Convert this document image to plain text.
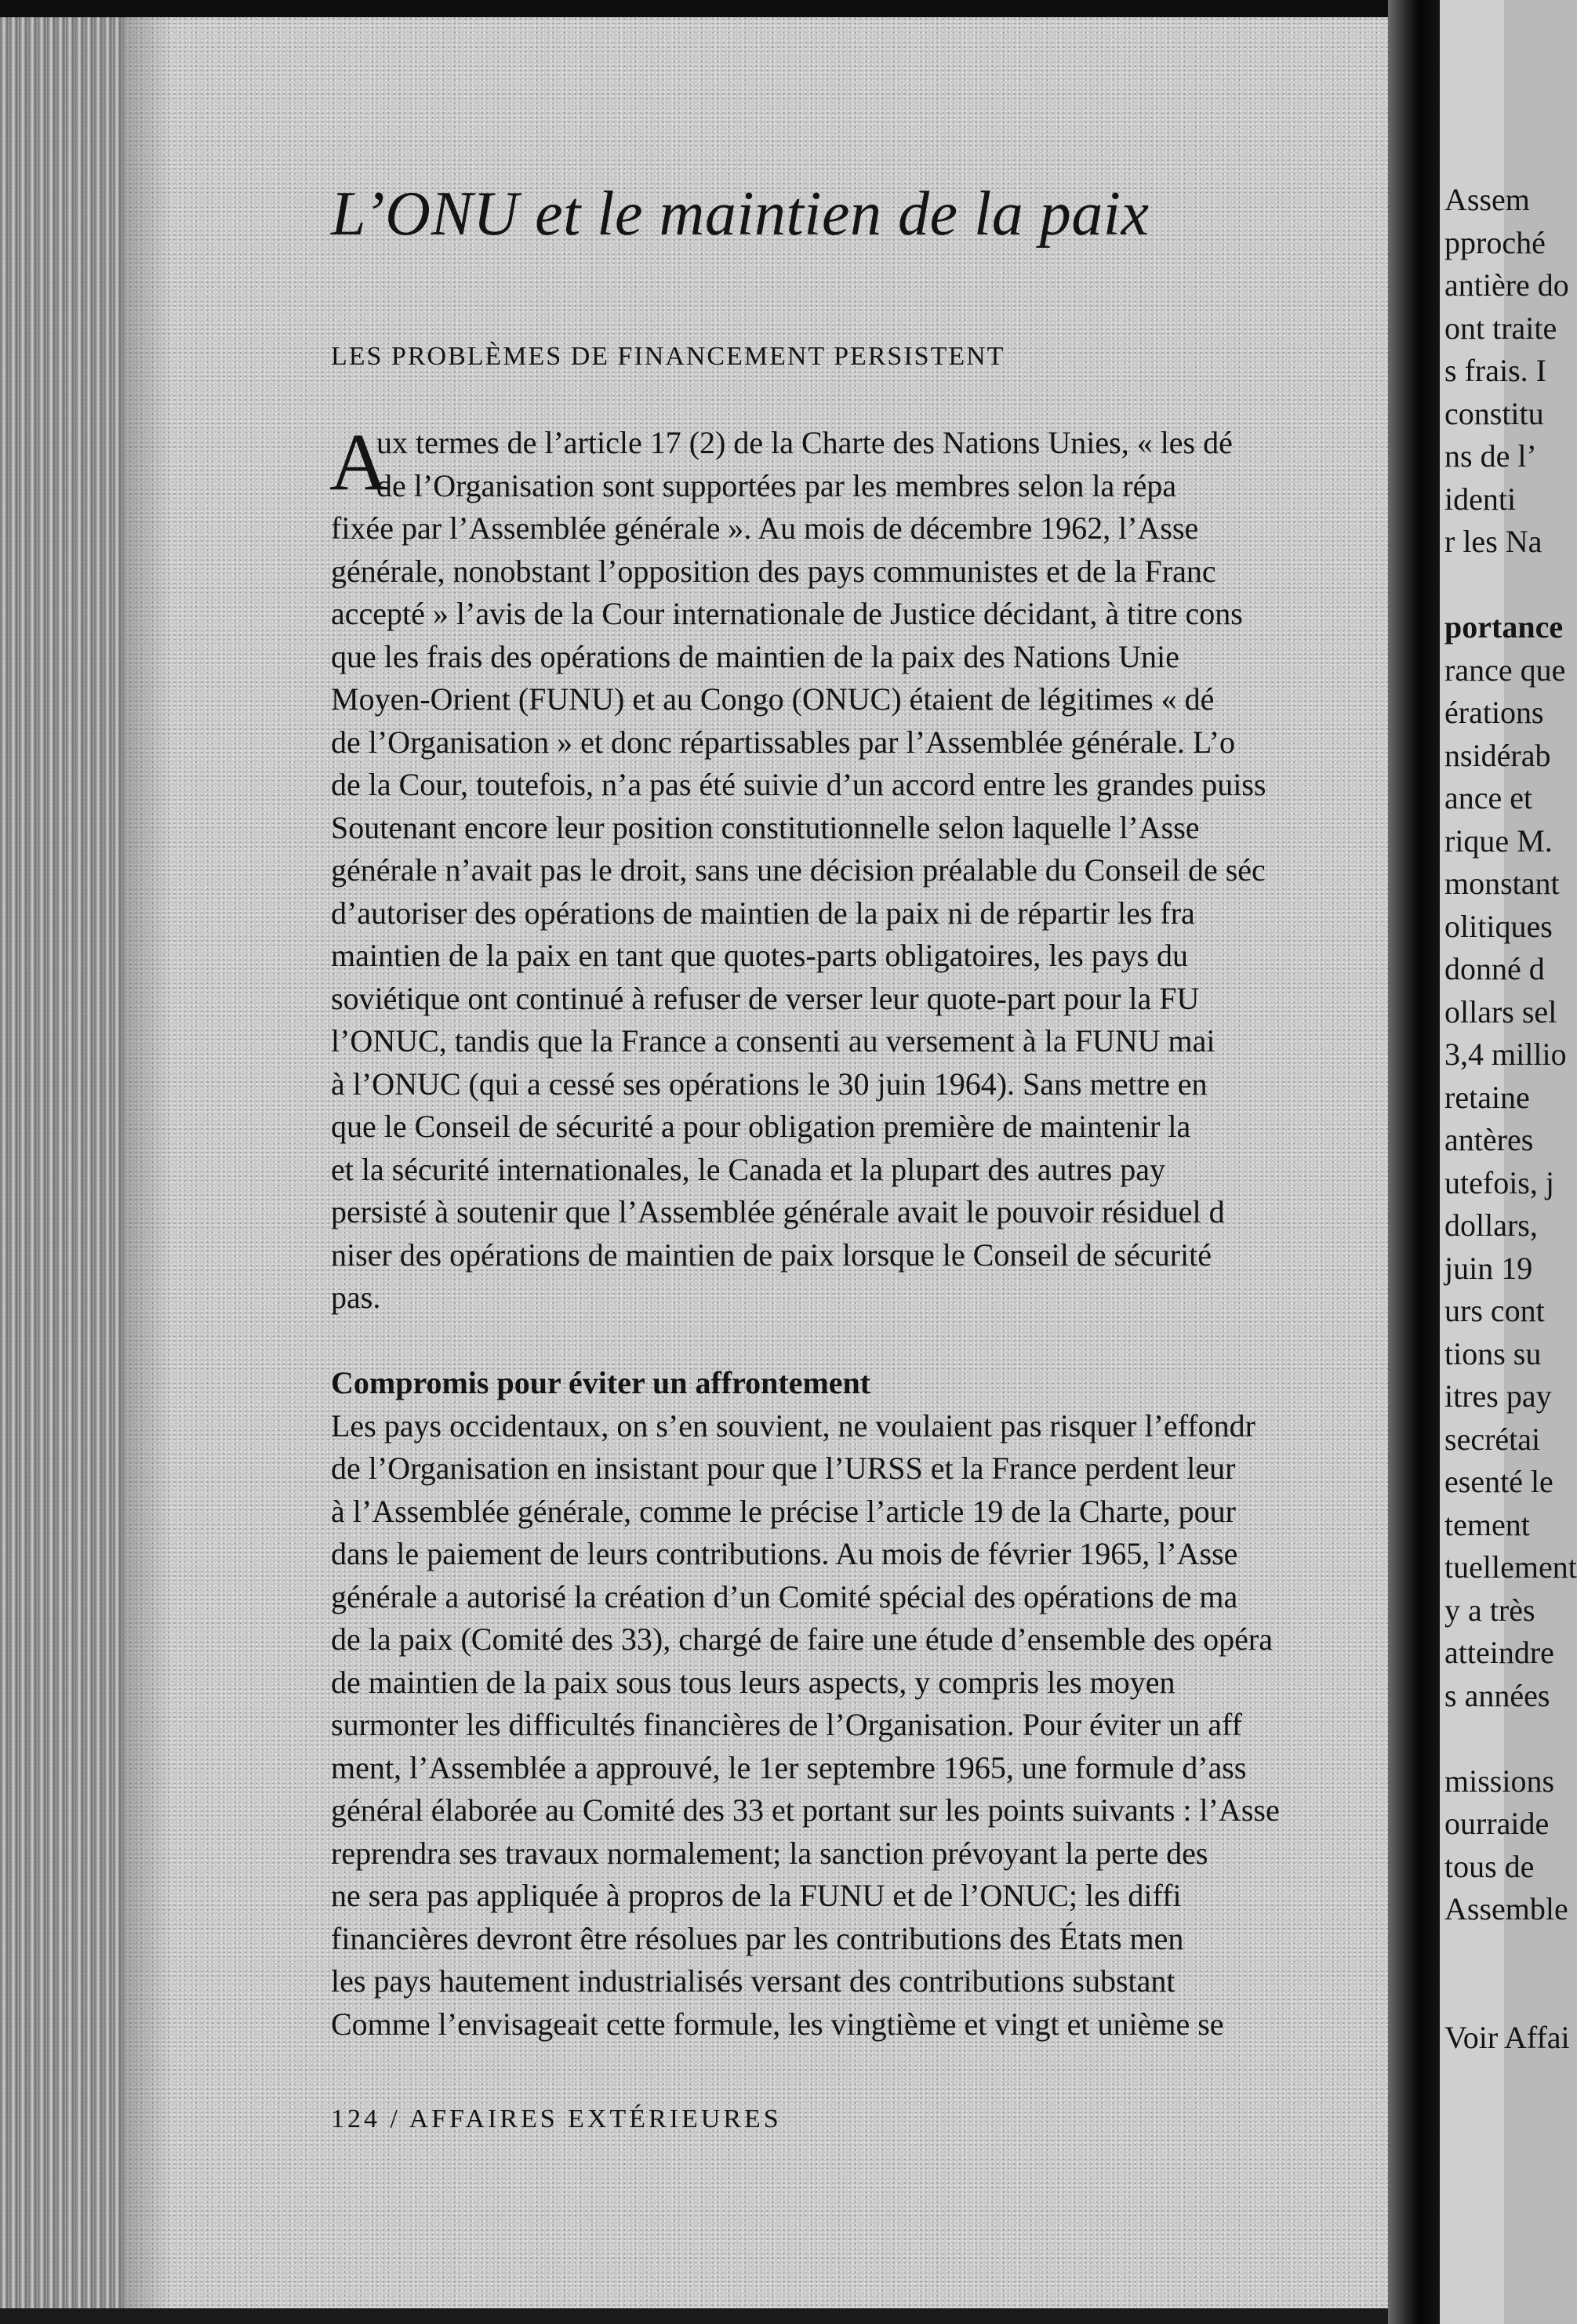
L’ONU et le maintien de la paix
LES PROBLÈMES DE FINANCEMENT PERSISTENT
A
ux termes de l’article 17 (2) de la Charte des Nations Unies, « les dé
de l’Organisation sont supportées par les membres selon la répa
fixée par l’Assemblée générale ». Au mois de décembre 1962, l’Asse
générale, nonobstant l’opposition des pays communistes et de la Franc
accepté » l’avis de la Cour internationale de Justice décidant, à titre cons
que les frais des opérations de maintien de la paix des Nations Unie
Moyen-Orient (FUNU) et au Congo (ONUC) étaient de légitimes « dé
de l’Organisation » et donc répartissables par l’Assemblée générale. L’o
de la Cour, toutefois, n’a pas été suivie d’un accord entre les grandes puiss
Soutenant encore leur position constitutionnelle selon laquelle l’Asse
générale n’avait pas le droit, sans une décision préalable du Conseil de séc
d’autoriser des opérations de maintien de la paix ni de répartir les fra
maintien de la paix en tant que quotes-parts obligatoires, les pays du
soviétique ont continué à refuser de verser leur quote-part pour la FU
l’ONUC, tandis que la France a consenti au versement à la FUNU mai
à l’ONUC (qui a cessé ses opérations le 30 juin 1964). Sans mettre en
que le Conseil de sécurité a pour obligation première de maintenir la
et la sécurité internationales, le Canada et la plupart des autres pay
persisté à soutenir que l’Assemblée générale avait le pouvoir résiduel d
niser des opérations de maintien de paix lorsque le Conseil de sécurité
pas.
Compromis pour éviter un affrontement
Les pays occidentaux, on s’en souvient, ne voulaient pas risquer l’effondr
de l’Organisation en insistant pour que l’URSS et la France perdent leur
à l’Assemblée générale, comme le précise l’article 19 de la Charte, pour
dans le paiement de leurs contributions. Au mois de février 1965, l’Asse
générale a autorisé la création d’un Comité spécial des opérations de ma
de la paix (Comité des 33), chargé de faire une étude d’ensemble des opéra
de maintien de la paix sous tous leurs aspects, y compris les moyen
surmonter les difficultés financières de l’Organisation. Pour éviter un aff
ment, l’Assemblée a approuvé, le 1er septembre 1965, une formule d’ass
général élaborée au Comité des 33 et portant sur les points suivants : l’Asse
reprendra ses travaux normalement; la sanction prévoyant la perte des
ne sera pas appliquée à propros de la FUNU et de l’ONUC; les diffi
financières devront être résolues par les contributions des États men
les pays hautement industrialisés versant des contributions substant
Comme l’envisageait cette formule, les vingtième et vingt et unième se
124 / AFFAIRES EXTÉRIEURES
Assem
pproché
antière do
ont traite
s frais. I
constitu
ns de l’
identi
r les Na
portance
rance que
érations
nsidérab
ance et
rique M.
monstant
olitiques
donné d
ollars sel
3,4 millio
retaine
antères
utefois, j
dollars,
juin 19
urs cont
tions su
itres pay
secrétai
esenté le
tement
tuellement
y a très
atteindre
s années
missions
ourraide
tous de
Assemble
Voir Affai
